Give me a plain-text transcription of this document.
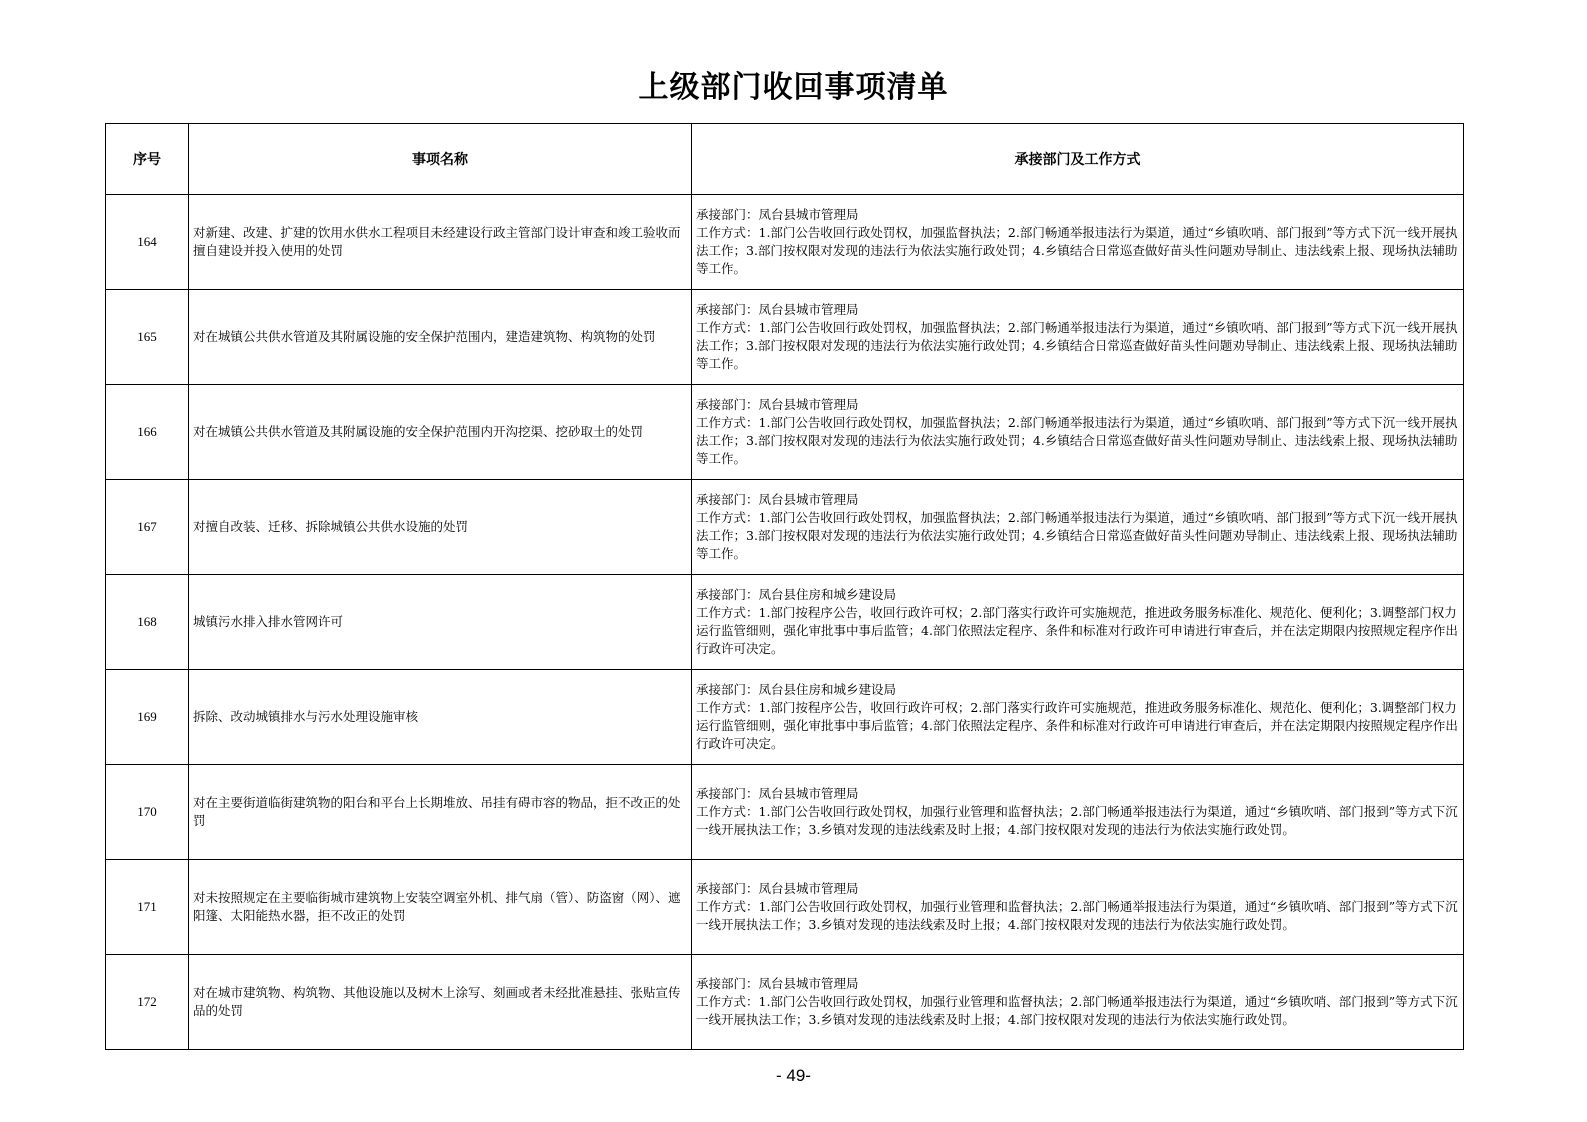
上级部门收回事项清单
序号	事项名称	承接部门及工作方式
164	对新建、改建、扩建的饮用水供水工程项目未经建设行政主管部门设计审查和竣工验收而擅自建设并投入使用的处罚	承接部门：凤台县城市管理局
工作方式：1.部门公告收回行政处罚权，加强监督执法；2.部门畅通举报违法行为渠道，通过“乡镇吹哨、部门报到”等方式下沉一线开展执法工作；3.部门按权限对发现的违法行为依法实施行政处罚；4.乡镇结合日常巡查做好苗头性问题劝导制止、违法线索上报、现场执法辅助等工作。

165	对在城镇公共供水管道及其附属设施的安全保护范围内，建造建筑物、构筑物的处罚	承接部门：凤台县城市管理局
工作方式：1.部门公告收回行政处罚权，加强监督执法；2.部门畅通举报违法行为渠道，通过“乡镇吹哨、部门报到”等方式下沉一线开展执法工作；3.部门按权限对发现的违法行为依法实施行政处罚；4.乡镇结合日常巡查做好苗头性问题劝导制止、违法线索上报、现场执法辅助等工作。

166	对在城镇公共供水管道及其附属设施的安全保护范围内开沟挖渠、挖砂取土的处罚	承接部门：凤台县城市管理局
工作方式：1.部门公告收回行政处罚权，加强监督执法；2.部门畅通举报违法行为渠道，通过“乡镇吹哨、部门报到”等方式下沉一线开展执法工作；3.部门按权限对发现的违法行为依法实施行政处罚；4.乡镇结合日常巡查做好苗头性问题劝导制止、违法线索上报、现场执法辅助等工作。

167	对擅自改装、迁移、拆除城镇公共供水设施的处罚	承接部门：凤台县城市管理局
工作方式：1.部门公告收回行政处罚权，加强监督执法；2.部门畅通举报违法行为渠道，通过“乡镇吹哨、部门报到”等方式下沉一线开展执法工作；3.部门按权限对发现的违法行为依法实施行政处罚；4.乡镇结合日常巡查做好苗头性问题劝导制止、违法线索上报、现场执法辅助等工作。

168	城镇污水排入排水管网许可	承接部门：凤台县住房和城乡建设局
工作方式：1.部门按程序公告，收回行政许可权；2.部门落实行政许可实施规范，推进政务服务标准化、规范化、便利化；3.调整部门权力运行监管细则，强化审批事中事后监管；4.部门依照法定程序、条件和标准对行政许可申请进行审查后，并在法定期限内按照规定程序作出行政许可决定。

169	拆除、改动城镇排水与污水处理设施审核	承接部门：凤台县住房和城乡建设局
工作方式：1.部门按程序公告，收回行政许可权；2.部门落实行政许可实施规范，推进政务服务标准化、规范化、便利化；3.调整部门权力运行监管细则，强化审批事中事后监管；4.部门依照法定程序、条件和标准对行政许可申请进行审查后，并在法定期限内按照规定程序作出行政许可决定。

170	对在主要街道临街建筑物的阳台和平台上长期堆放、吊挂有碍市容的物品，拒不改正的处罚	承接部门：凤台县城市管理局
工作方式：1.部门公告收回行政处罚权，加强行业管理和监督执法；2.部门畅通举报违法行为渠道，通过“乡镇吹哨、部门报到”等方式下沉一线开展执法工作；3.乡镇对发现的违法线索及时上报；4.部门按权限对发现的违法行为依法实施行政处罚。

171	对未按照规定在主要临街城市建筑物上安装空调室外机、排气扇（管）、防盗窗（网）、遮阳篷、太阳能热水器，拒不改正的处罚	承接部门：凤台县城市管理局
工作方式：1.部门公告收回行政处罚权，加强行业管理和监督执法；2.部门畅通举报违法行为渠道，通过“乡镇吹哨、部门报到”等方式下沉一线开展执法工作；3.乡镇对发现的违法线索及时上报；4.部门按权限对发现的违法行为依法实施行政处罚。

172	对在城市建筑物、构筑物、其他设施以及树木上涂写、刻画或者未经批准悬挂、张贴宣传品的处罚	承接部门：凤台县城市管理局
工作方式：1.部门公告收回行政处罚权，加强行业管理和监督执法；2.部门畅通举报违法行为渠道，通过“乡镇吹哨、部门报到”等方式下沉一线开展执法工作；3.乡镇对发现的违法线索及时上报；4.部门按权限对发现的违法行为依法实施行政处罚。
- 49-
